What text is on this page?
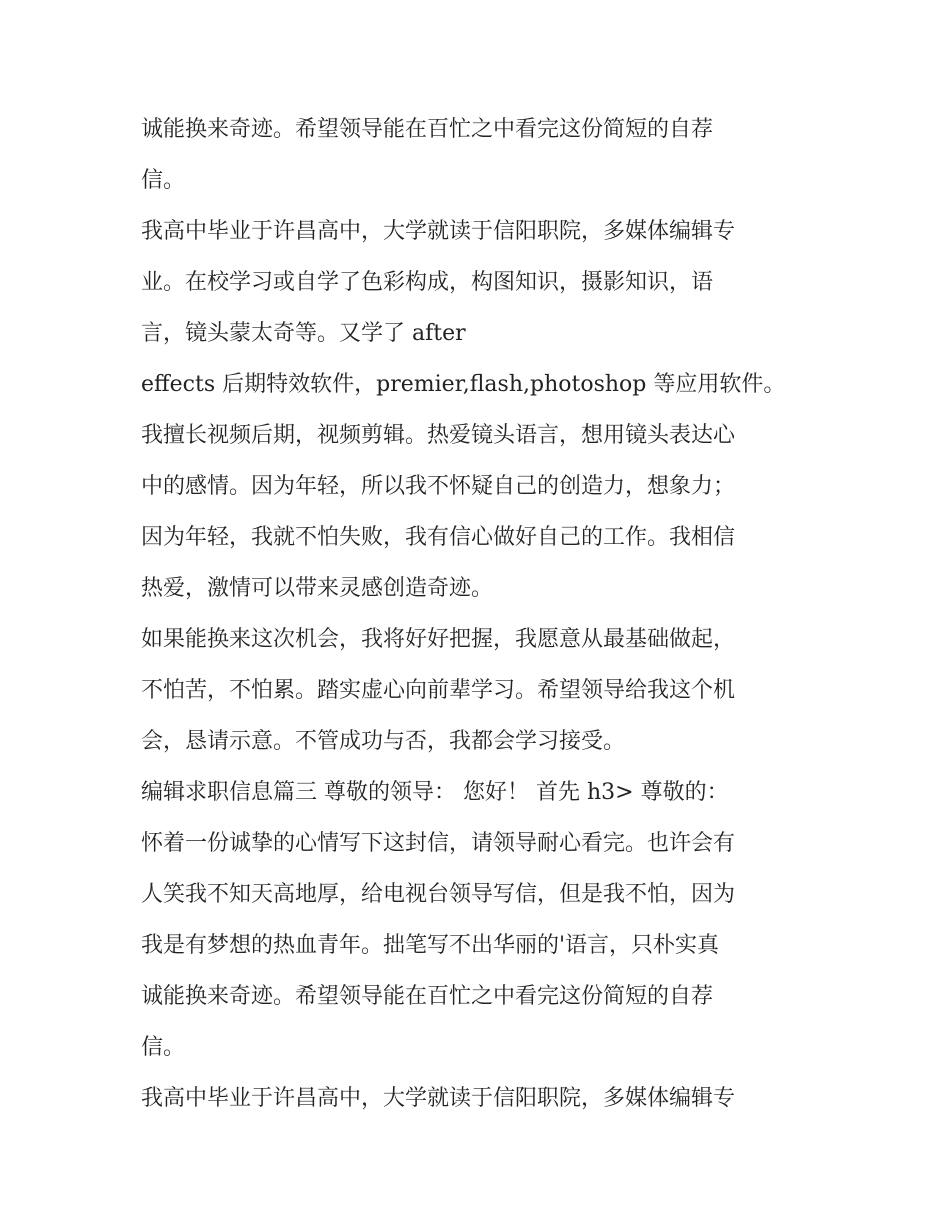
诚能换来奇迹。希望领导能在百忙之中看完这份简短的自荐
信。
我高中毕业于许昌高中，大学就读于信阳职院，多媒体编辑专
业。在校学习或自学了色彩构成，构图知识，摄影知识，语
言，镜头蒙太奇等。又学了 after
effects 后期特效软件，premier,flash,photoshop 等应用软件。
我擅长视频后期，视频剪辑。热爱镜头语言，想用镜头表达心
中的感情。因为年轻，所以我不怀疑自己的创造力，想象力；
因为年轻，我就不怕失败，我有信心做好自己的工作。我相信
热爱，激情可以带来灵感创造奇迹。
如果能换来这次机会，我将好好把握，我愿意从最基础做起，
不怕苦，不怕累。踏实虚心向前辈学习。希望领导给我这个机
会，恳请示意。不管成功与否，我都会学习接受。
编辑求职信息篇三 尊敬的领导： 您好！ 首先 h3> 尊敬的：
怀着一份诚挚的心情写下这封信，请领导耐心看完。也许会有
人笑我不知天高地厚，给电视台领导写信，但是我不怕，因为
我是有梦想的热血青年。拙笔写不出华丽的'语言，只朴实真
诚能换来奇迹。希望领导能在百忙之中看完这份简短的自荐
信。
我高中毕业于许昌高中，大学就读于信阳职院，多媒体编辑专
